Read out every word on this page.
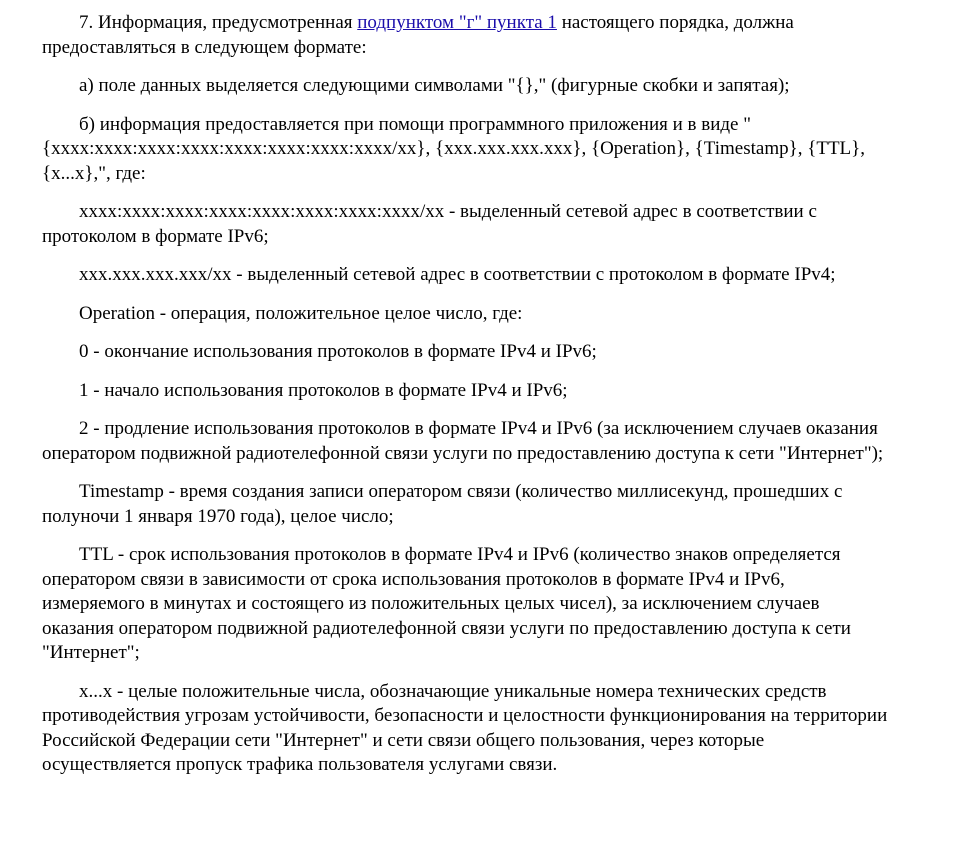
7. Информация, предусмотренная подпунктом "г" пункта 1 настоящего порядка, должна предоставляться в следующем формате:

а) поле данных выделяется следующими символами "{}," (фигурные скобки и запятая);

б) информация предоставляется при помощи программного приложения и в виде "{xxxx:xxxx:xxxx:xxxx:xxxx:xxxx:xxxx:xxxx/xx}, {xxx.xxx.xxx.xxx}, {Operation}, {Timestamp}, {TTL}, {x...x},", где:

xxxx:xxxx:xxxx:xxxx:xxxx:xxxx:xxxx:xxxx/xx - выделенный сетевой адрес в соответствии с протоколом в формате IPv6;

xxx.xxx.xxx.xxx/xx - выделенный сетевой адрес в соответствии с протоколом в формате IPv4;

Operation - операция, положительное целое число, где:

0 - окончание использования протоколов в формате IPv4 и IPv6;

1 - начало использования протоколов в формате IPv4 и IPv6;

2 - продление использования протоколов в формате IPv4 и IPv6 (за исключением случаев оказания оператором подвижной радиотелефонной связи услуги по предоставлению доступа к сети "Интернет");

Timestamp - время создания записи оператором связи (количество миллисекунд, прошедших с полуночи 1 января 1970 года), целое число;

TTL - срок использования протоколов в формате IPv4 и IPv6 (количество знаков определяется оператором связи в зависимости от срока использования протоколов в формате IPv4 и IPv6, измеряемого в минутах и состоящего из положительных целых чисел), за исключением случаев оказания оператором подвижной радиотелефонной связи услуги по предоставлению доступа к сети "Интернет";

x...x - целые положительные числа, обозначающие уникальные номера технических средств противодействия угрозам устойчивости, безопасности и целостности функционирования на территории Российской Федерации сети "Интернет" и сети связи общего пользования, через которые осуществляется пропуск трафика пользователя услугами связи.
